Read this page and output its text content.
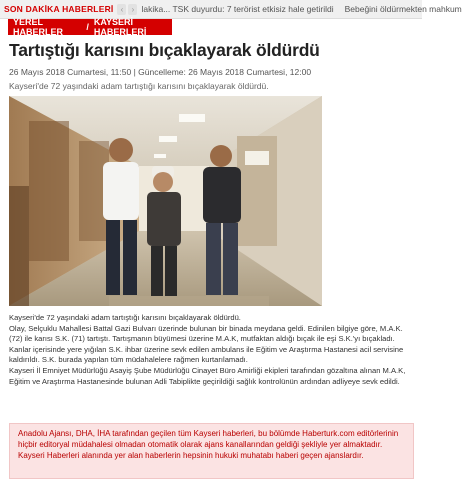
SON DAKİKA HABERLERİ ‹	› lakika... TSK duyurdu: 7 terörist etkisiz hale getirildi Bebeğini öldürmekten mahkum
YEREL HABERLER	/ KAYSERİ HABERLERİ
Tartıştığı karısını bıçaklayarak öldürdü
26 Mayıs 2018 Cumartesi, 11:50 | Güncelleme: 26 Mayıs 2018 Cumartesi, 12:00
Kayseri'de 72 yaşındaki adam tartıştığı karısını bıçaklayarak öldürdü.

Kayseri'de 72 yaşındaki adam tartıştığı karısını bıçaklayarak öldürdü.

Olay, Selçuklu Mahallesi Battal Gazi Bulvarı üzerinde bulunan bir binada meydana geldi. Edinilen bilgiye göre, M.A.K. (72) ile karısı S.K. (71) tartıştı. Tartışmanın büyümesi üzerine M.A.K, mutfaktan aldığı bıçak ile eşi S.K.'yı bıçakladı. Kanlar içerisinde yere yığılan S.K. ihbar üzerine sevk edilen ambulans ile Eğitim ve Araştırma Hastanesi acil servisine kaldırıldı. S.K. burada yapılan tüm müdahalelere rağmen kurtarılamadı.

Kayseri İl Emniyet Müdürlüğü Asayiş Şube Müdürlüğü Cinayet Büro Amirliği ekipleri tarafından gözaltına alınan M.A.K, Eğitim ve Araştırma Hastanesinde bulunan Adli Tabiplikte geçirildiği sağlık kontrolünün ardından adliyeye sevk edildi.

Anadolu Ajansı, DHA, İHA tarafından geçilen tüm Kayseri haberleri, bu bölümde Haberturk.com editörlerinin hiçbir editoryal müdahalesi olmadan otomatik olarak ajans kanallarından geldiği şekliyle yer almaktadır. Kayseri Haberleri alanında yer alan haberlerin hepsinin hukuki muhatabı haberi geçen ajanslardır.
